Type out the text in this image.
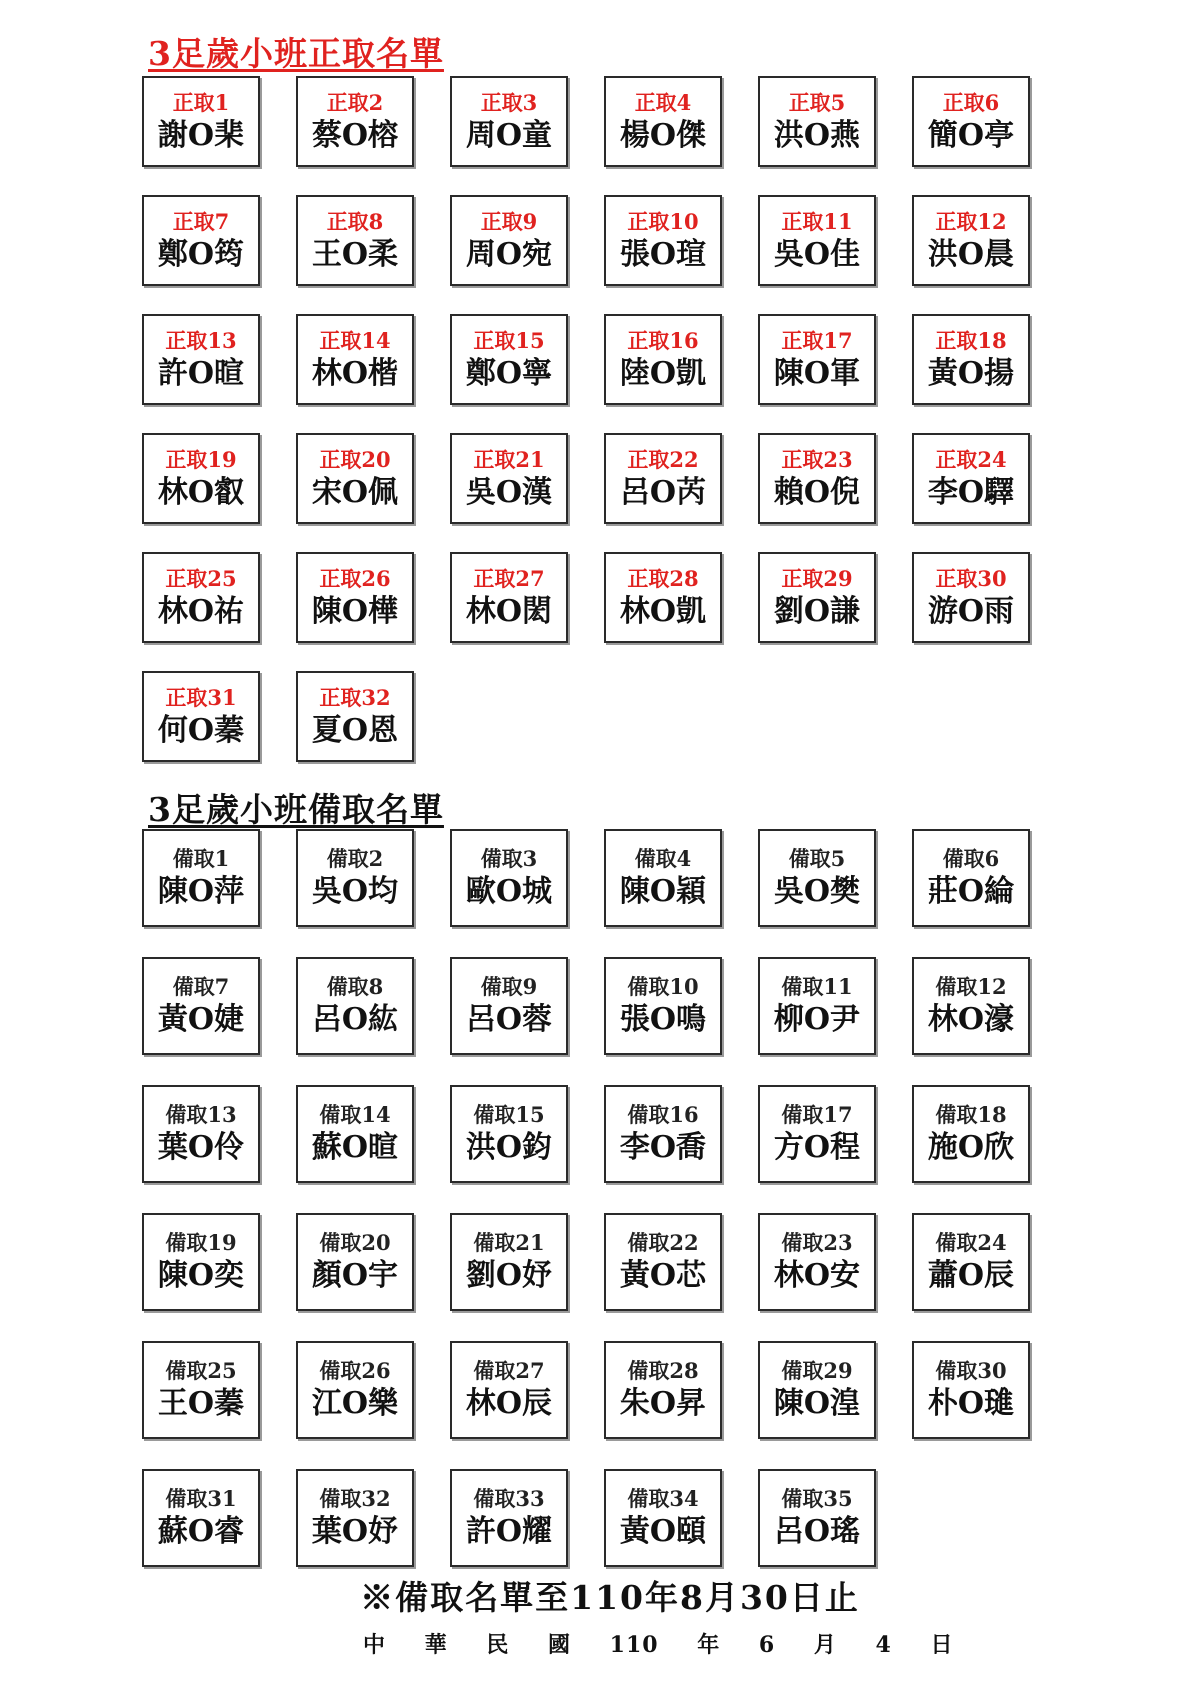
3足歲小班正取名單
正取1
謝O棐
正取2
蔡O榕
正取3
周O童
正取4
楊O傑
正取5
洪O燕
正取6
簡O亭
正取7
鄭O筠
正取8
王O柔
正取9
周O宛
正取10
張O瑄
正取11
吳O佳
正取12
洪O晨
正取13
許O暄
正取14
林O楷
正取15
鄭O寧
正取16
陸O凱
正取17
陳O軍
正取18
黃O揚
正取19
林O叡
正取20
宋O佩
正取21
吳O漢
正取22
呂O芮
正取23
賴O倪
正取24
李O驛
正取25
林O祐
正取26
陳O樺
正取27
林O閎
正取28
林O凱
正取29
劉O謙
正取30
游O雨
正取31
何O蓁
正取32
夏O恩
3足歲小班備取名單
備取1
陳O萍
備取2
吳O均
備取3
歐O城
備取4
陳O穎
備取5
吳O樊
備取6
莊O綸
備取7
黃O婕
備取8
呂O紘
備取9
呂O蓉
備取10
張O鳴
備取11
柳O尹
備取12
林O濠
備取13
葉O伶
備取14
蘇O暄
備取15
洪O鈞
備取16
李O喬
備取17
方O程
備取18
施O欣
備取19
陳O奕
備取20
顏O宇
備取21
劉O妤
備取22
黃O芯
備取23
林O安
備取24
蕭O辰
備取25
王O蓁
備取26
江O樂
備取27
林O辰
備取28
朱O昇
備取29
陳O湟
備取30
朴O璡
備取31
蘇O睿
備取32
葉O妤
備取33
許O耀
備取34
黃O頤
備取35
呂O瑤
※備取名單至110年8月30日止
中 華 民 國 110 年 6 月 4 日
